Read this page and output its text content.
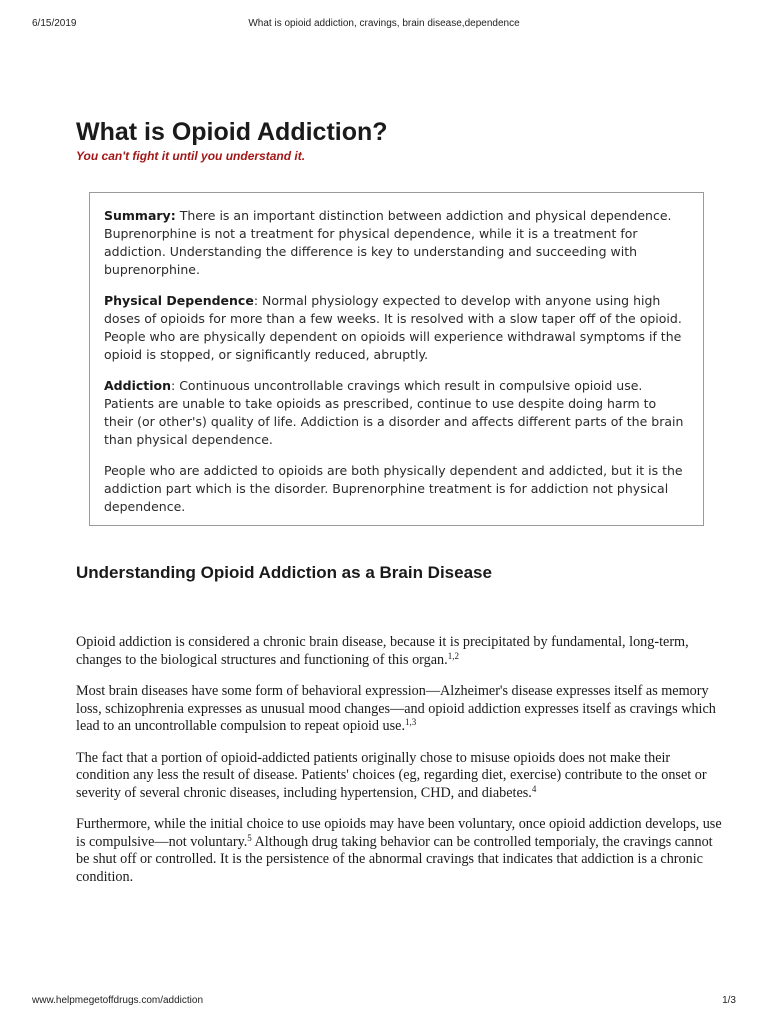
6/15/2019	What is opioid addiction, cravings, brain disease,dependence
What is Opioid Addiction?
You can't fight it until you understand it.

Summary: There is an important distinction between addiction and physical dependence. Buprenorphine is not a treatment for physical dependence, while it is a treatment for addiction. Understanding the difference is key to understanding and succeeding with buprenorphine.

Physical Dependence: Normal physiology expected to develop with anyone using high doses of opioids for more than a few weeks. It is resolved with a slow taper off of the opioid. People who are physically dependent on opioids will experience withdrawal symptoms if the opioid is stopped, or significantly reduced, abruptly.

Addiction: Continuous uncontrollable cravings which result in compulsive opioid use. Patients are unable to take opioids as prescribed, continue to use despite doing harm to their (or other's) quality of life. Addiction is a disorder and affects different parts of the brain than physical dependence.

People who are addicted to opioids are both physically dependent and addicted, but it is the addiction part which is the disorder. Buprenorphine treatment is for addiction not physical dependence.

Understanding Opioid Addiction as a Brain Disease

Opioid addiction is considered a chronic brain disease, because it is precipitated by fundamental, long-term, changes to the biological structures and functioning of this organ.$^{1,2}$

Most brain diseases have some form of behavioral expression—Alzheimer's disease expresses itself as memory loss, schizophrenia expresses as unusual mood changes—and opioid addiction expresses itself as cravings which lead to an uncontrollable compulsion to repeat opioid use.$^{1,3}$

The fact that a portion of opioid-addicted patients originally chose to misuse opioids does not make their condition any less the result of disease. Patients' choices (eg, regarding diet, exercise) contribute to the onset or severity of several chronic diseases, including hypertension, CHD, and diabetes.$^4$

Furthermore, while the initial choice to use opioids may have been voluntary, once opioid addiction develops, use is compulsive—not voluntary.$^5$ Although drug taking behavior can be controlled temporialy, the cravings cannot be shut off or controlled. It is the persistence of the abnormal cravings that indicates that addiction is a chronic condition.

www.helpmegetoffdrugs.com/addiction	1/3
